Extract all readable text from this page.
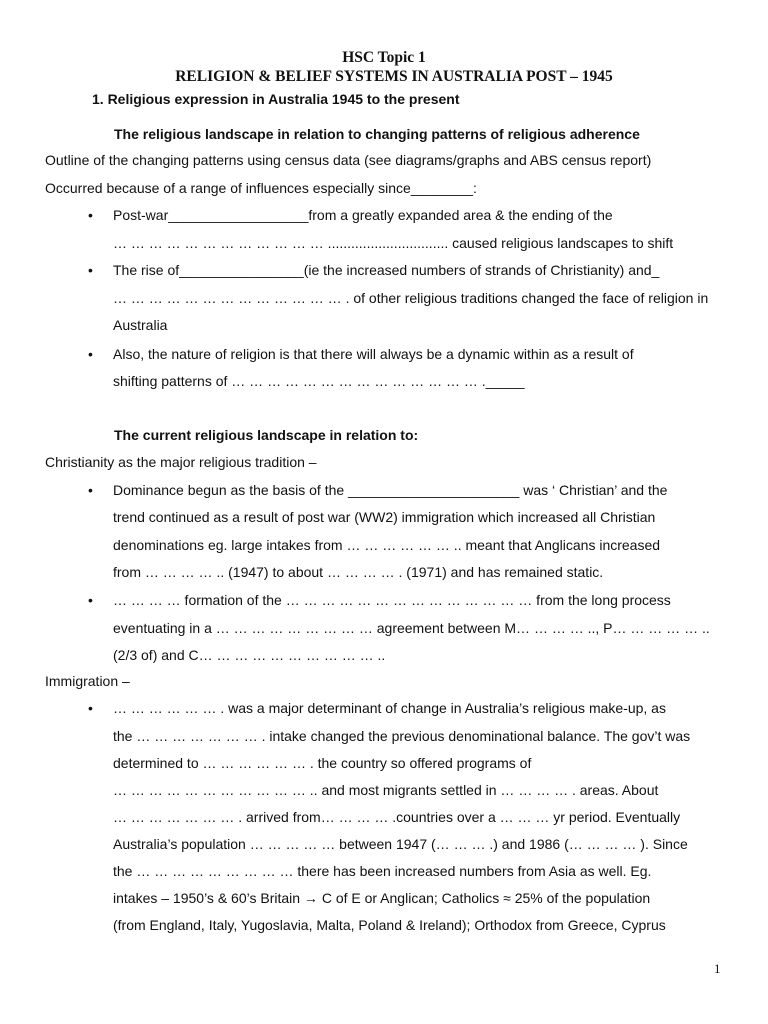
HSC Topic 1

RELIGION & BELIEF SYSTEMS IN AUSTRALIA POST – 1945

1. Religious expression in Australia 1945 to the present

The religious landscape in relation to changing patterns of religious adherence

Outline of the changing patterns using census data (see diagrams/graphs and ABS census report)

Occurred because of a range of influences especially since________:

• Post-war__________________from a greatly expanded area & the ending of the

… … … … … … … … … … … … ............................... caused religious landscapes to shift

• The rise of________________(ie the increased numbers of strands of Christianity) and_

… … … … … … … … … … … … … . of other religious traditions changed the face of religion in

Australia

• Also, the nature of religion is that there will always be a dynamic within as a result of

shifting patterns of … … … … … … … … … … … … … … ._____

The current religious landscape in relation to:

Christianity as the major religious tradition –

• Dominance begun as the basis of the ______________________ was ‘ Christian’ and the

trend continued as a result of post war (WW2) immigration which increased all Christian

denominations eg. large intakes from … … … … … … .. meant that Anglicans increased

from … … … … .. (1947) to about … … … … . (1971) and has remained static.

• … … … … formation of the … … … … … … … … … … … … … … from the long process

eventuating in a … … … … … … … … … agreement between M… … … … .., P… … … … … ..

(2/3 of) and C… … … … … … … … … … ..

Immigration –

• … … … … … … . was a major determinant of change in Australia’s religious make-up, as

the … … … … … … … . intake changed the previous denominational balance. The gov’t was

determined to … … … … … … . the country so offered programs of

… … … … … … … … … … … .. and most migrants settled in … … … … . areas. About

… … … … … … … . arrived from… … … … .countries over a … … … yr period. Eventually

Australia’s population … … … … … between 1947 (… … … .) and 1986 (… … … … ). Since

the … … … … … … … … … there has been increased numbers from Asia as well. Eg.

intakes – 1950’s & 60’s Britain → C of E or Anglican; Catholics ≈ 25% of the population

(from England, Italy, Yugoslavia, Malta, Poland & Ireland); Orthodox from Greece, Cyprus

1
